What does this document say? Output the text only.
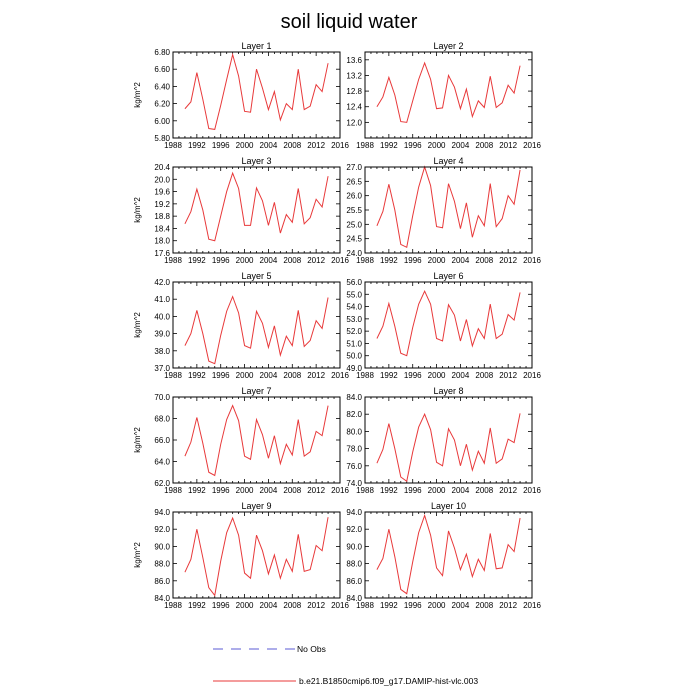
soil liquid water
Layer 1
kg/m^2
1988 1992 1996 2000 2004 2008 2012 2016
5.80
6.00
6.20
6.40
6.60
6.80
Layer 2
1988 1992 1996 2000 2004 2008 2012 2016
12.0
12.4
12.8
13.2
13.6
Layer 3
kg/m^2
1988 1992 1996 2000 2004 2008 2012 2016
17.6
18.0
18.4
18.8
19.2
19.6
20.0
20.4
Layer 4
1988 1992 1996 2000 2004 2008 2012 2016
24.0
24.5
25.0
25.5
26.0
26.5
27.0
Layer 5
kg/m^2
1988 1992 1996 2000 2004 2008 2012 2016
37.0
38.0
39.0
40.0
41.0
42.0
Layer 6
1988 1992 1996 2000 2004 2008 2012 2016
49.0
50.0
51.0
52.0
53.0
54.0
55.0
56.0
Layer 7
kg/m^2
1988 1992 1996 2000 2004 2008 2012 2016
62.0
64.0
66.0
68.0
70.0
Layer 8
1988 1992 1996 2000 2004 2008 2012 2016
74.0
76.0
78.0
80.0
82.0
84.0
Layer 9
kg/m^2
1988 1992 1996 2000 2004 2008 2012 2016
84.0
86.0
88.0
90.0
92.0
94.0
Layer 10
1988 1992 1996 2000 2004 2008 2012 2016
84.0
86.0
88.0
90.0
92.0
94.0
No Obs
b.e21.B1850cmip6.f09_g17.DAMIP-hist-vlc.003
